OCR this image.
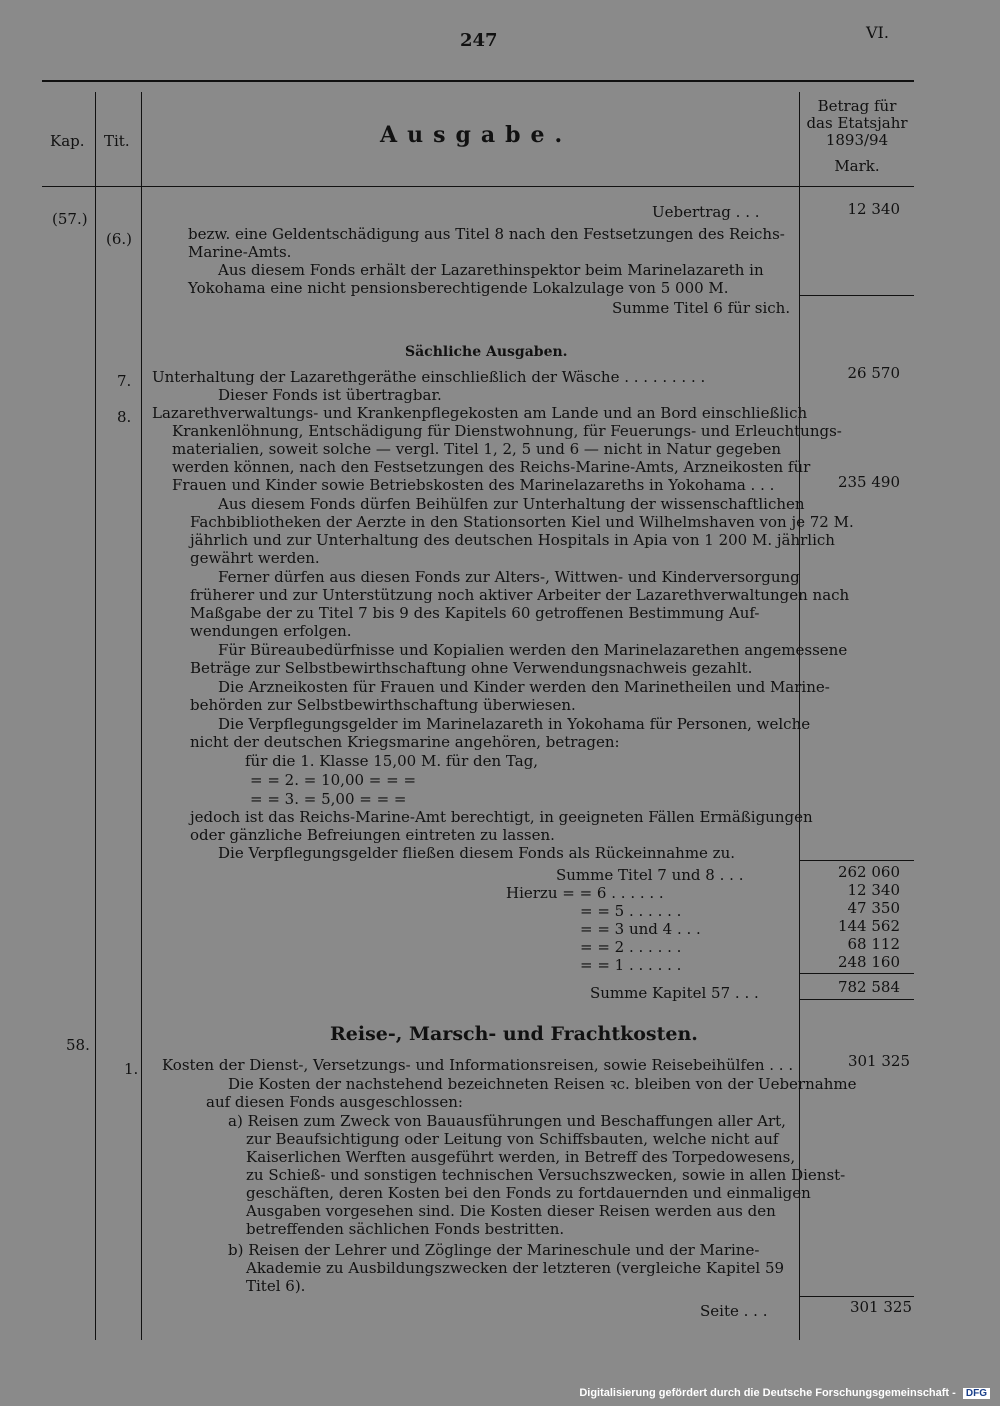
247	VI.
Kap. Tit.	Ausgabe.
Betrag für
das Etatsjahr
1893/94
Mark.
(57.)	Uebertrag . . .	12 340
(6.)	bezw. eine Geldentschädigung aus Titel 8 nach den Festsetzungen des Reichs-
Marine-Amts.
Aus diesem Fonds erhält der Lazarethinspektor beim Marinelazareth in
Yokohama eine nicht pensionsberechtigende Lokalzulage von 5 000 M.
Summe Titel 6 für sich.
Sächliche Ausgaben.
7. Unterhaltung der Lazarethgeräthe einschließlich der Wäsche . . . . . . . . .
Dieser Fonds ist übertragbar.
26 570
8. Lazarethverwaltungs- und Krankenpflegekosten am Lande und an Bord einschließlich
Krankenlöhnung, Entschädigung für Dienstwohnung, für Feuerungs- und Erleuchtungs-
materialien, soweit solche — vergl. Titel 1, 2, 5 und 6 — nicht in Natur gegeben
werden können, nach den Festsetzungen des Reichs-Marine-Amts, Arzneikosten für
Frauen und Kinder sowie Betriebskosten des Marinelazareths in Yokohama . . .	235 490
Aus diesem Fonds dürfen Beihülfen zur Unterhaltung der wissenschaftlichen
Fachbibliotheken der Aerzte in den Stationsorten Kiel und Wilhelmshaven von je 72 M.
jährlich und zur Unterhaltung des deutschen Hospitals in Apia von 1 200 M. jährlich
gewährt werden.
Ferner dürfen aus diesen Fonds zur Alters-, Wittwen- und Kinderversorgung
früherer und zur Unterstützung noch aktiver Arbeiter der Lazarethverwaltungen nach
Maßgabe der zu Titel 7 bis 9 des Kapitels 60 getroffenen Bestimmung Auf-
wendungen erfolgen.
Für Büreaubedürfnisse und Kopialien werden den Marinelazarethen angemessene
Beträge zur Selbstbewirthschaftung ohne Verwendungsnachweis gezahlt.
Die Arzneikosten für Frauen und Kinder werden den Marinetheilen und Marine-
behörden zur Selbstbewirthschaftung überwiesen.
Die Verpflegungsgelder im Marinelazareth in Yokohama für Personen, welche
nicht der deutschen Kriegsmarine angehören, betragen:
für die 1. Klasse 15,00 M. für den Tag,
= = 2. = 10,00 = = =
= = 3. = 5,00 = = =
jedoch ist das Reichs-Marine-Amt berechtigt, in geeigneten Fällen Ermäßigungen
oder gänzliche Befreiungen eintreten zu lassen.
Die Verpflegungsgelder fließen diesem Fonds als Rückeinnahme zu.
Summe Titel 7 und 8 . . .	262 060
Hierzu = = 6 . . . . . .	12 340
= = 5 . . . . . .	47 350
= = 3 und 4 . . .	144 562
= = 2 . . . . . .	68 112
= = 1 . . . . . .	248 160
Summe Kapitel 57 . . .	782 584
58.	Reise-, Marsch- und Frachtkosten.
1. Kosten der Dienst-, Versetzungs- und Informationsreisen, sowie Reisebeihülfen . . .	301 325
Die Kosten der nachstehend bezeichneten Reisen ꝛc. bleiben von der Uebernahme
auf diesen Fonds ausgeschlossen:
a) Reisen zum Zweck von Bauausführungen und Beschaffungen aller Art,
zur Beaufsichtigung oder Leitung von Schiffsbauten, welche nicht auf
Kaiserlichen Werften ausgeführt werden, in Betreff des Torpedowesens,
zu Schieß- und sonstigen technischen Versuchszwecken, sowie in allen Dienst-
geschäften, deren Kosten bei den Fonds zu fortdauernden und einmaligen
Ausgaben vorgesehen sind. Die Kosten dieser Reisen werden aus den
betreffenden sächlichen Fonds bestritten.
b) Reisen der Lehrer und Zöglinge der Marineschule und der Marine-
Akademie zu Ausbildungszwecken der letzteren (vergleiche Kapitel 59
Titel 6).
Seite . . .	301 325
Digitalisierung gefördert durch die Deutsche Forschungsgemeinschaft - DFG
